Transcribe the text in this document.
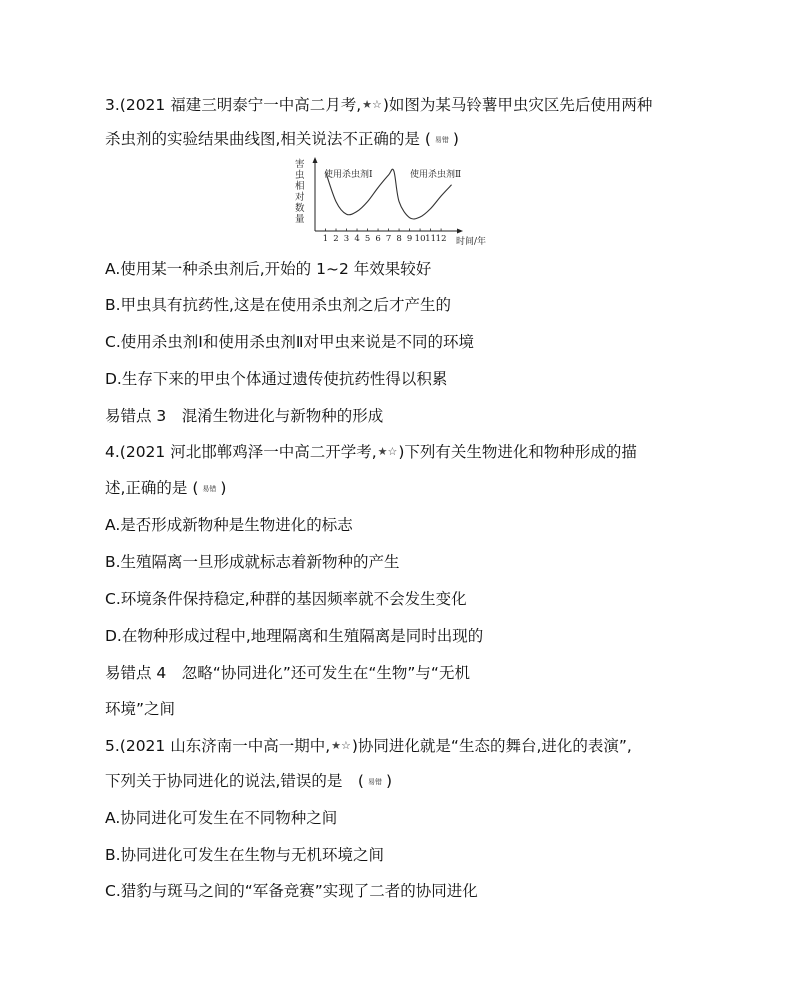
3.(2021 福建三明泰宁一中高二月考,★☆)如图为某马铃薯甲虫灾区先后使用两种
杀虫剂的实验结果曲线图,相关说法不正确的是 ( 易错 )
害
虫
相
对
数
量
1 2 3 4 5 6 7 8 9 10 11 12 时间/年
使用杀虫剂Ⅰ	使用杀虫剂Ⅱ
A.使用某一种杀虫剂后,开始的 1~2 年效果较好
B.甲虫具有抗药性,这是在使用杀虫剂之后才产生的
C.使用杀虫剂Ⅰ和使用杀虫剂Ⅱ对甲虫来说是不同的环境
D.生存下来的甲虫个体通过遗传使抗药性得以积累
易错点 3　混淆生物进化与新物种的形成
4.(2021 河北邯郸鸡泽一中高二开学考,★☆)下列有关生物进化和物种形成的描
述,正确的是 ( 易错 )
A.是否形成新物种是生物进化的标志
B.生殖隔离一旦形成就标志着新物种的产生
C.环境条件保持稳定,种群的基因频率就不会发生变化
D.在物种形成过程中,地理隔离和生殖隔离是同时出现的
易错点 4　忽略“协同进化”还可发生在“生物”与“无机
环境”之间
5.(2021 山东济南一中高一期中,★☆)协同进化就是“生态的舞台,进化的表演”,
下列关于协同进化的说法,错误的是　( 易错 )
A.协同进化可发生在不同物种之间
B.协同进化可发生在生物与无机环境之间
C.猎豹与斑马之间的“军备竞赛”实现了二者的协同进化
